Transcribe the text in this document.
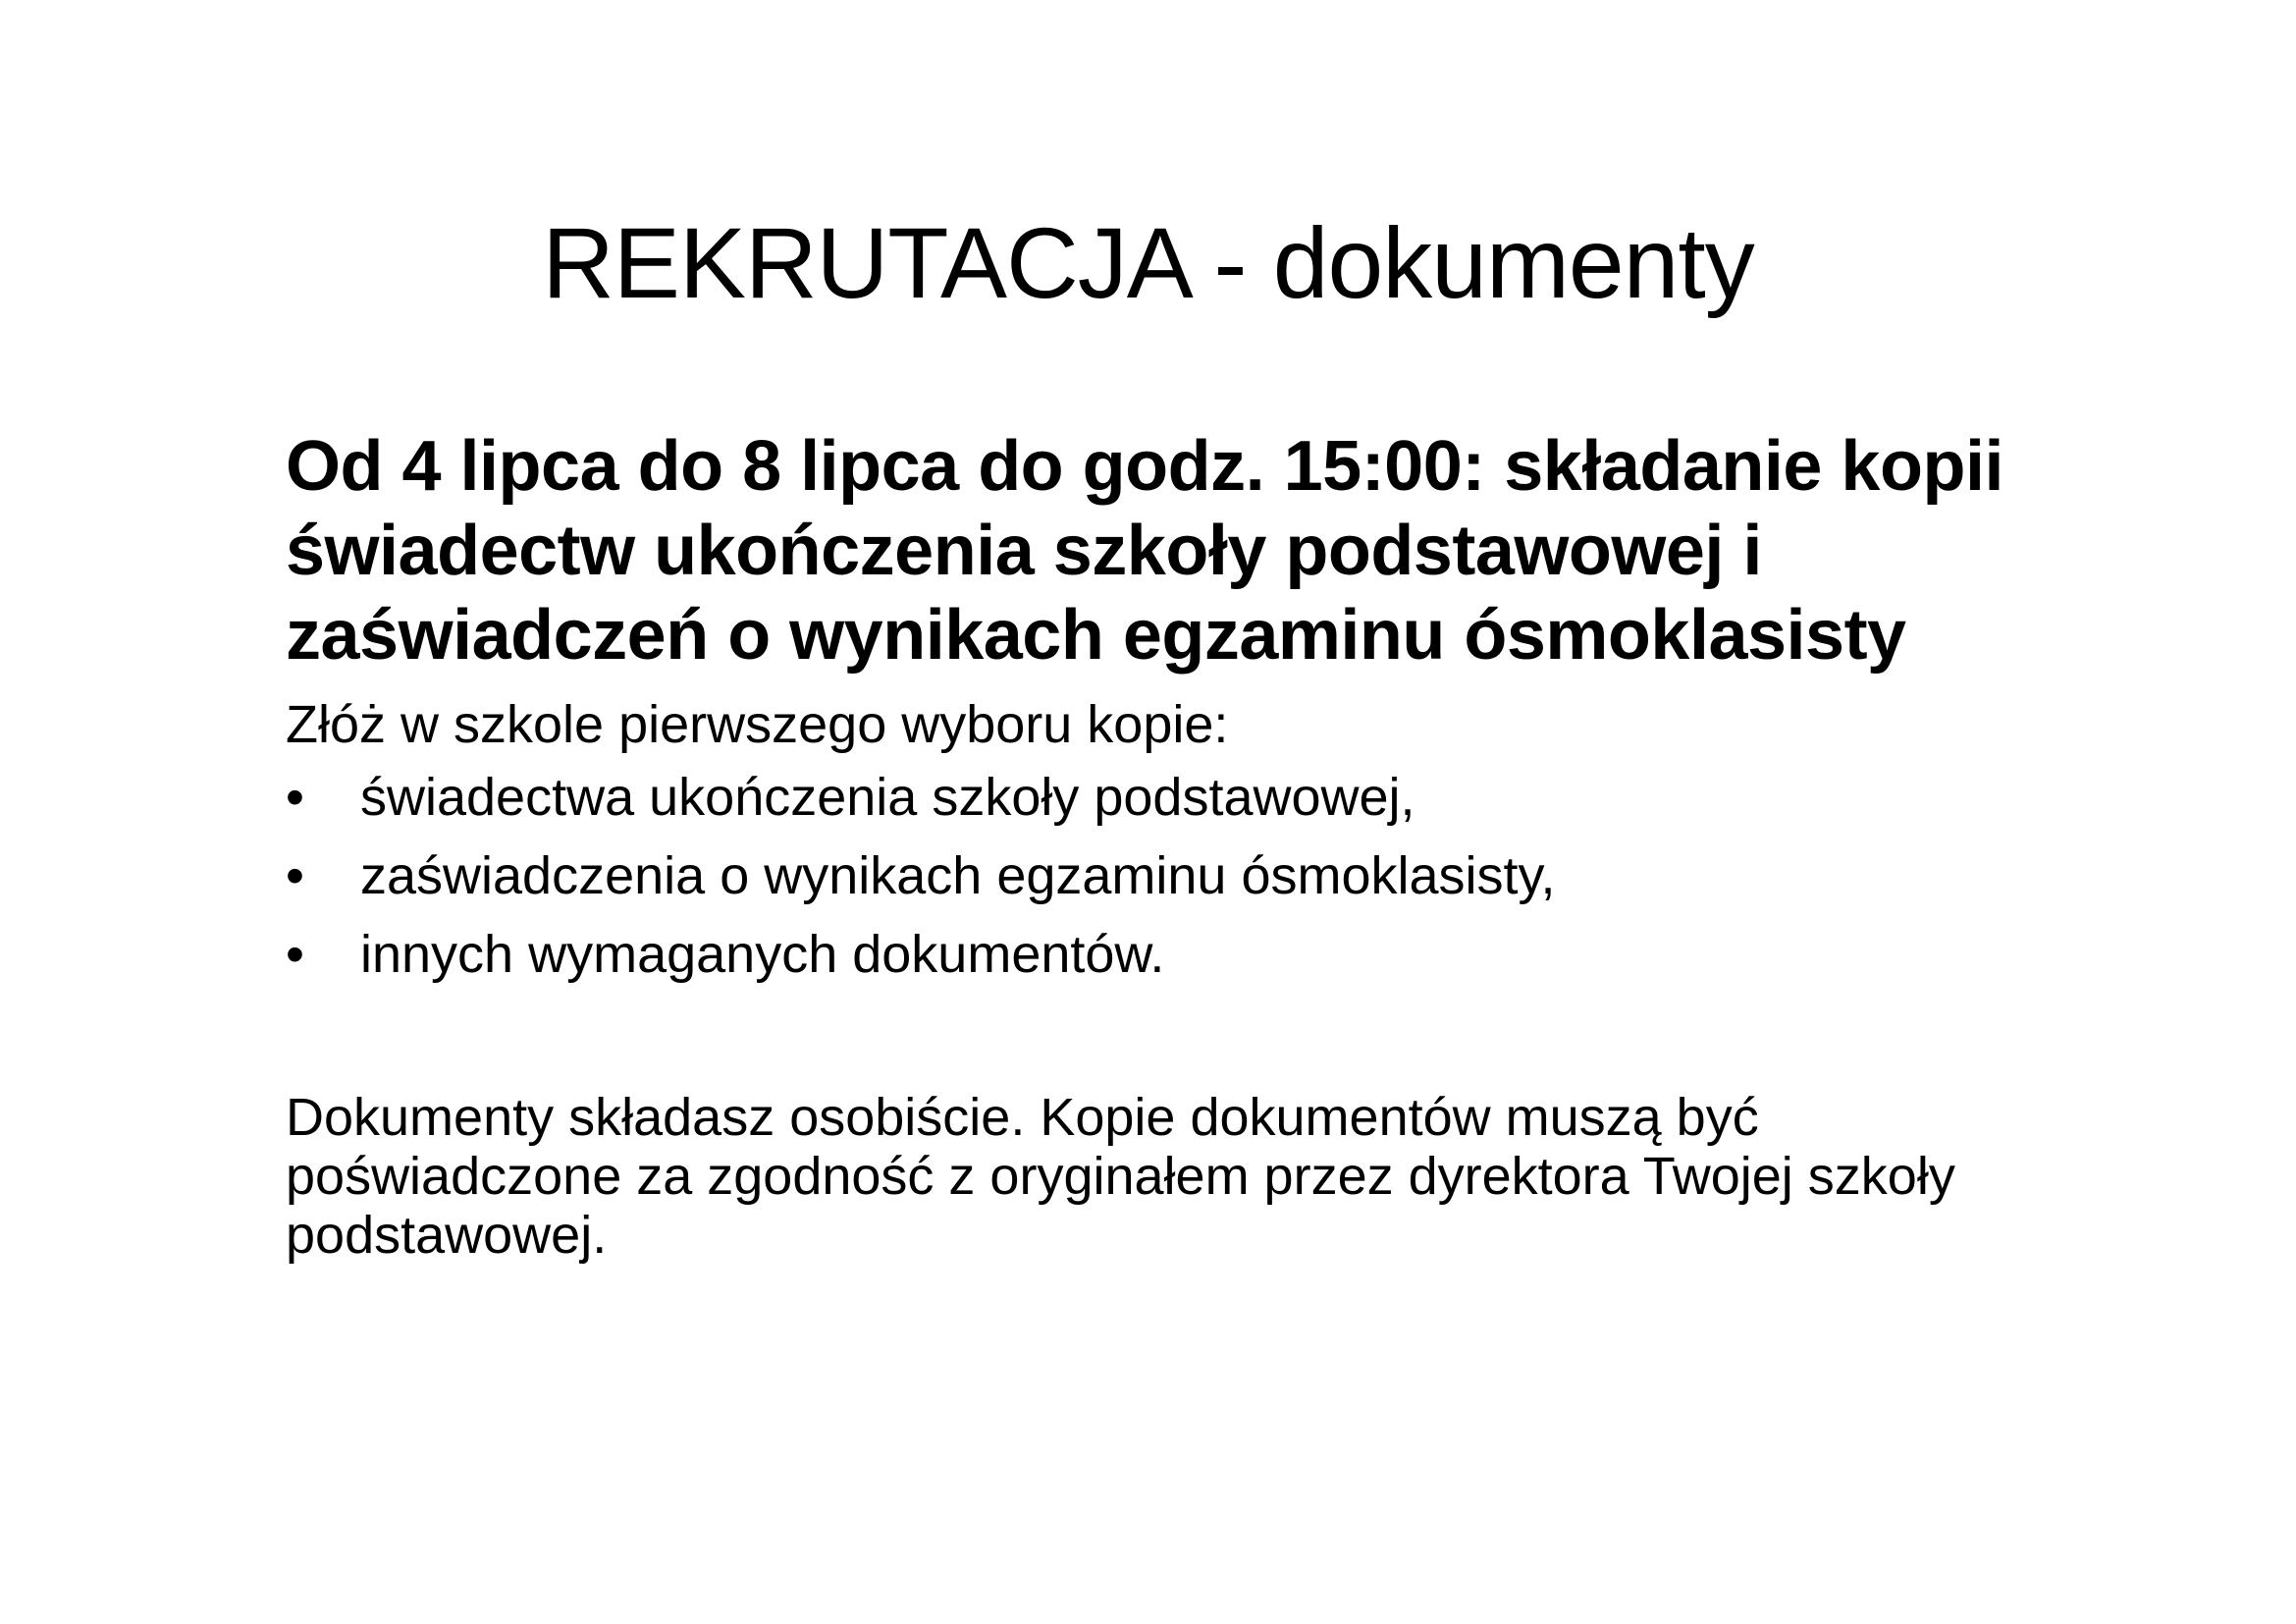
REKRUTACJA - dokumenty

Od 4 lipca do 8 lipca do godz. 15:00: składanie kopii świadectw ukończenia szkoły podstawowej i zaświadczeń o wynikach egzaminu ósmoklasisty

Złóż w szkole pierwszego wyboru kopie:

• świadectwa ukończenia szkoły podstawowej,
• zaświadczenia o wynikach egzaminu ósmoklasisty,
• innych wymaganych dokumentów.

Dokumenty składasz osobiście. Kopie dokumentów muszą być poświadczone za zgodność z oryginałem przez dyrektora Twojej szkoły podstawowej.
